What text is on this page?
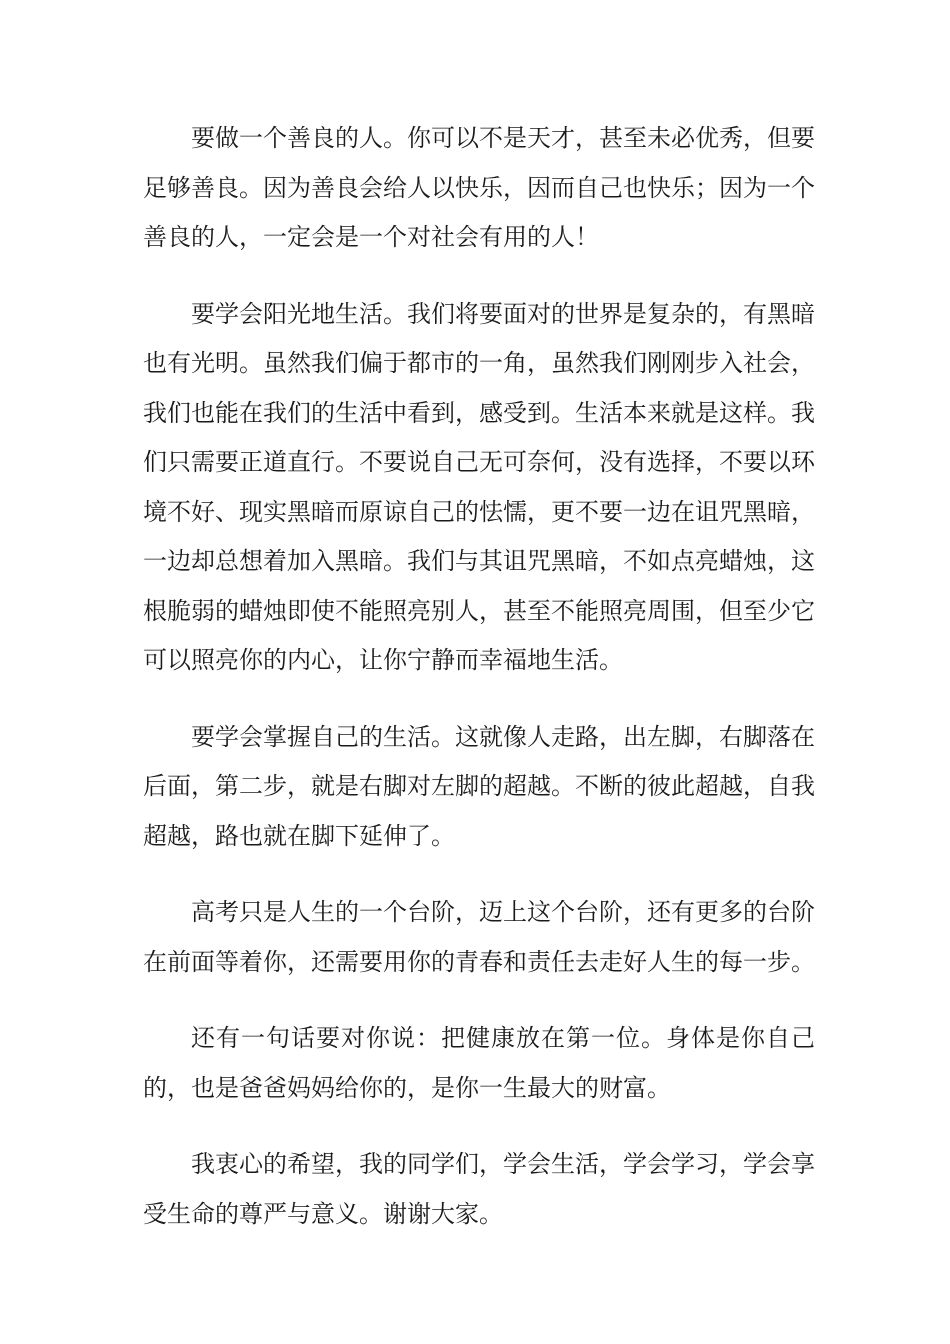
要做一个善良的人。你可以不是天才，甚至未必优秀，但要足够善良。因为善良会给人以快乐，因而自己也快乐；因为一个善良的人，一定会是一个对社会有用的人！

要学会阳光地生活。我们将要面对的世界是复杂的，有黑暗也有光明。虽然我们偏于都市的一角，虽然我们刚刚步入社会，我们也能在我们的生活中看到，感受到。生活本来就是这样。我们只需要正道直行。不要说自己无可奈何，没有选择，不要以环境不好、现实黑暗而原谅自己的怯懦，更不要一边在诅咒黑暗，一边却总想着加入黑暗。我们与其诅咒黑暗，不如点亮蜡烛，这根脆弱的蜡烛即使不能照亮别人，甚至不能照亮周围，但至少它可以照亮你的内心，让你宁静而幸福地生活。

要学会掌握自己的生活。这就像人走路，出左脚，右脚落在后面，第二步，就是右脚对左脚的超越。不断的彼此超越，自我超越，路也就在脚下延伸了。

高考只是人生的一个台阶，迈上这个台阶，还有更多的台阶在前面等着你，还需要用你的青春和责任去走好人生的每一步。

还有一句话要对你说：把健康放在第一位。身体是你自己的，也是爸爸妈妈给你的，是你一生最大的财富。

我衷心的希望，我的同学们，学会生活，学会学习，学会享受生命的尊严与意义。谢谢大家。
